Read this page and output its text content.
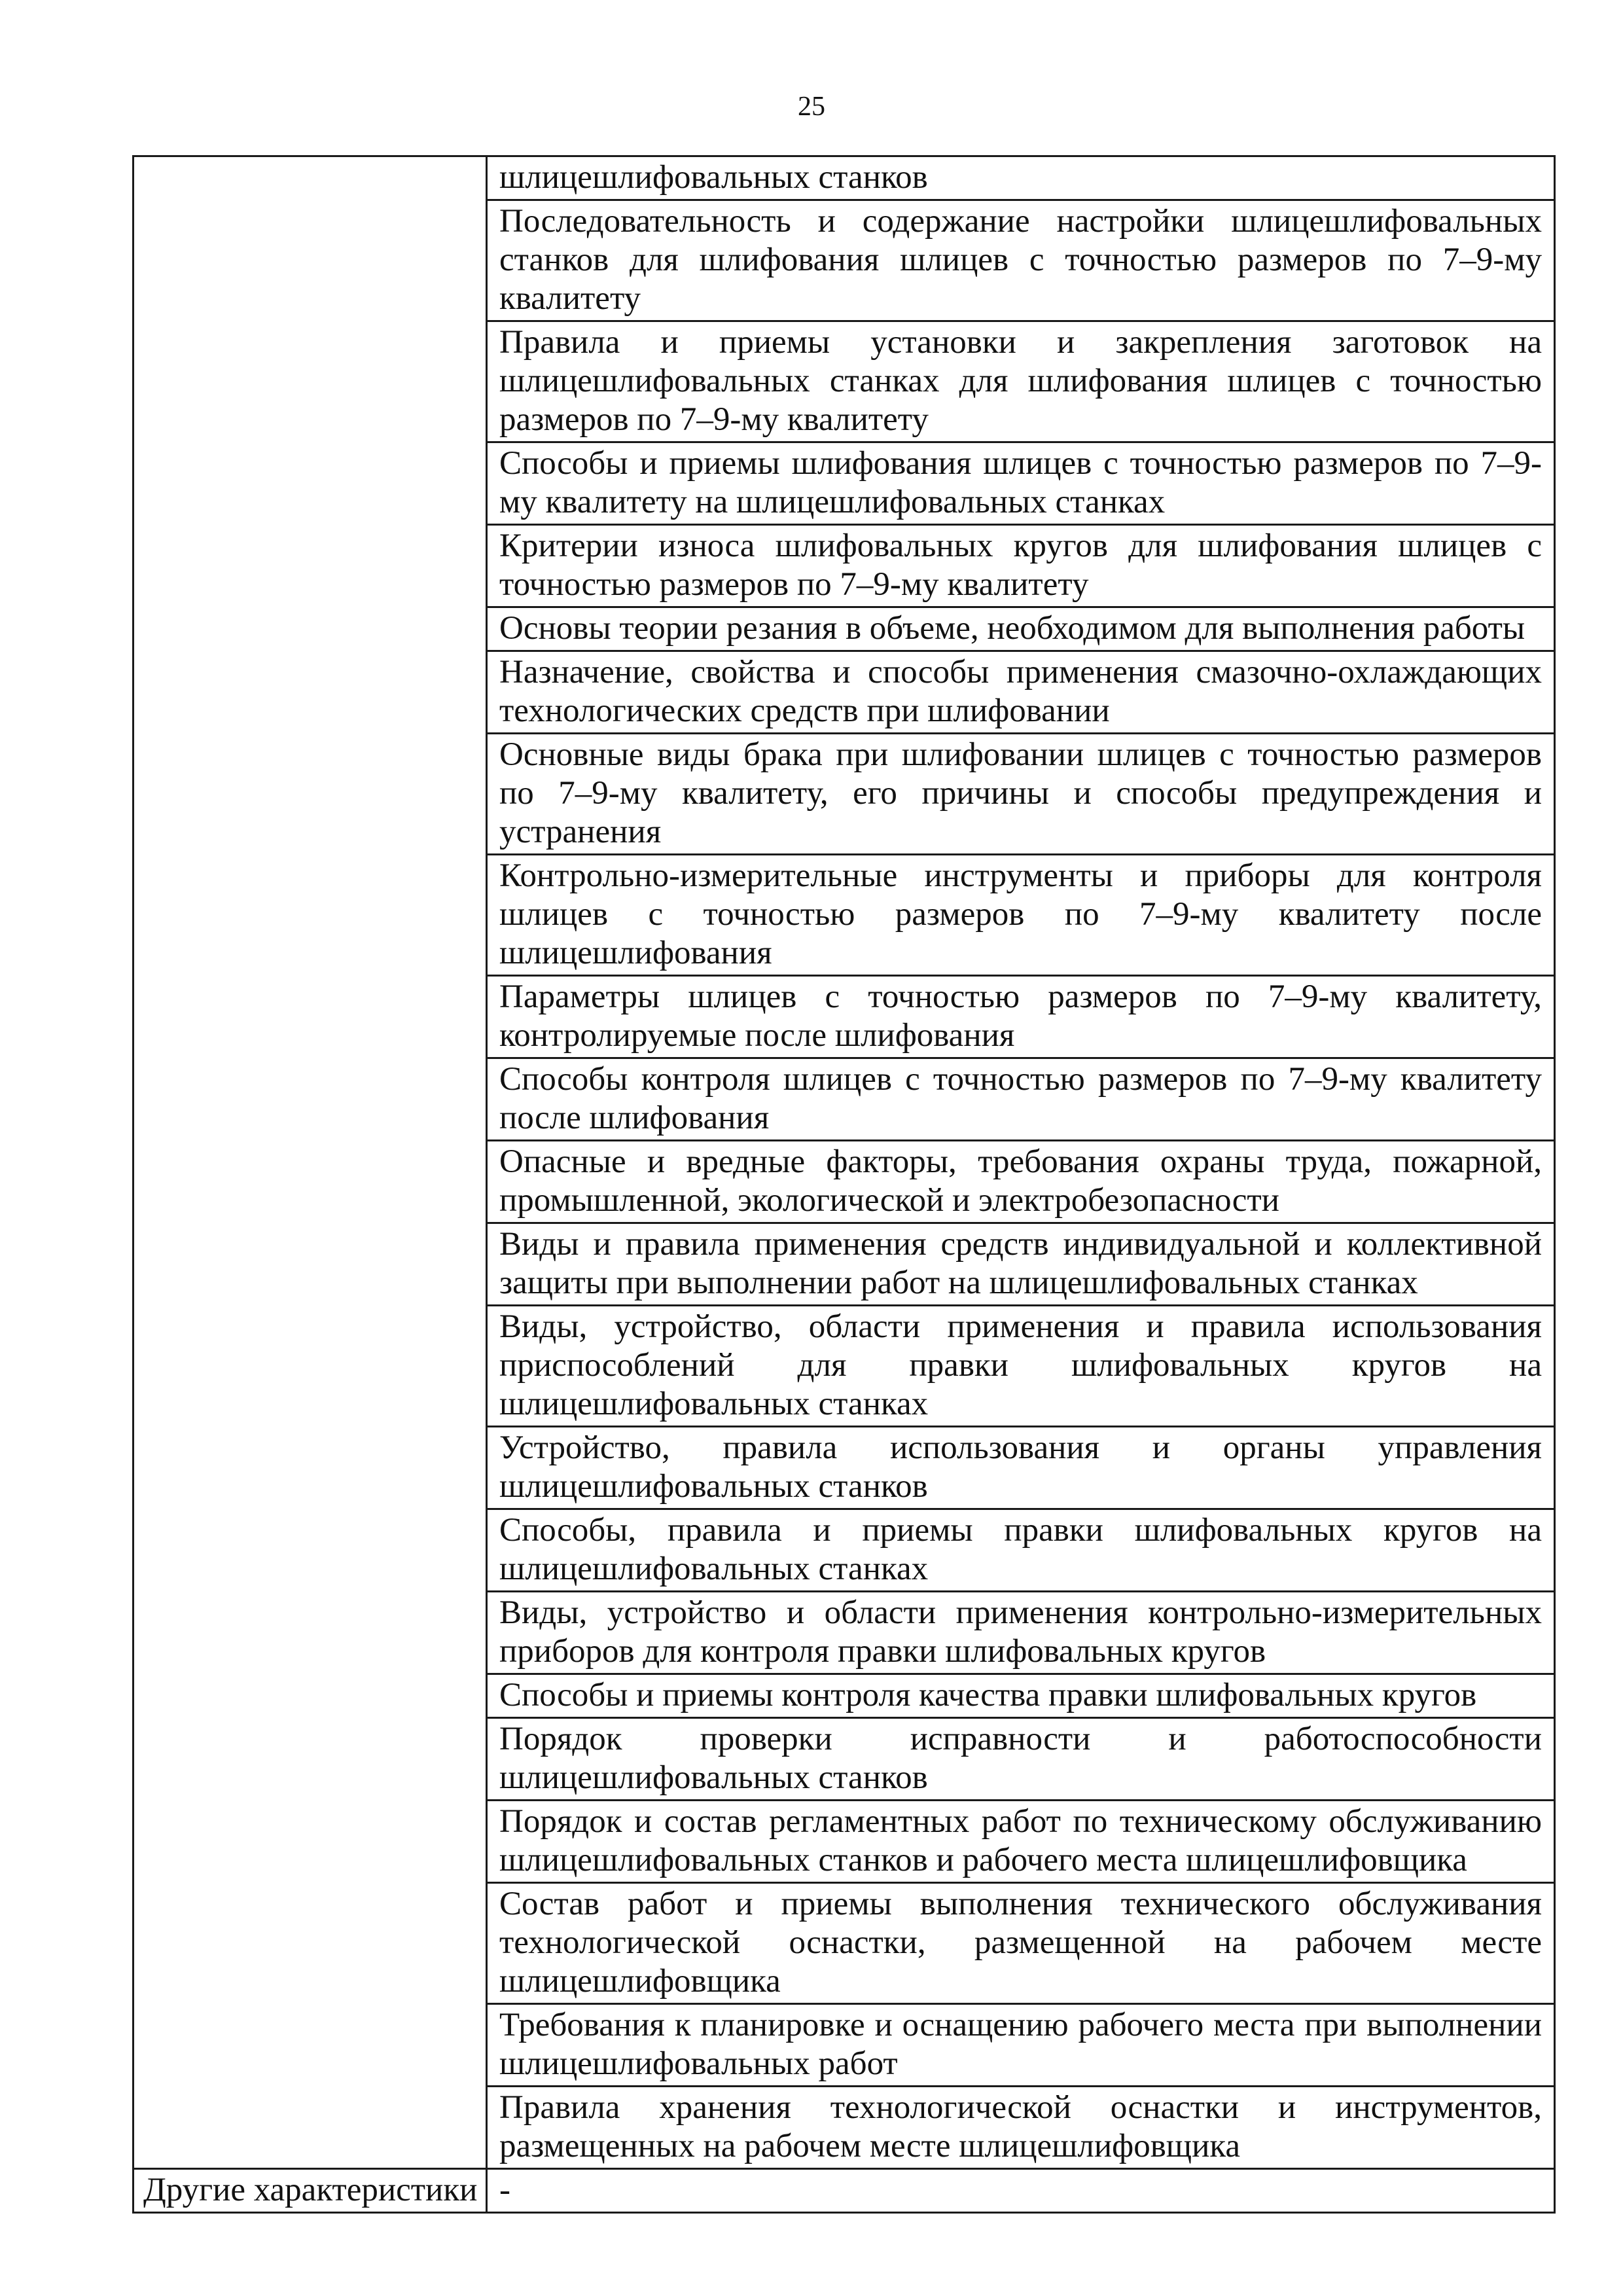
25
	шлицешлифовальных станков
	Последовательность и содержание настройки шлицешлифовальных станков для шлифования шлицев с точностью размеров по 7–9-му квалитету
	Правила и приемы установки и закрепления заготовок на шлицешлифовальных станках для шлифования шлицев с точностью размеров по 7–9-му квалитету
	Способы и приемы шлифования шлицев с точностью размеров по 7–9-му квалитету на шлицешлифовальных станках
	Критерии износа шлифовальных кругов для шлифования шлицев с точностью размеров по 7–9-му квалитету
	Основы теории резания в объеме, необходимом для выполнения работы
	Назначение, свойства и способы применения смазочно-охлаждающих технологических средств при шлифовании
	Основные виды брака при шлифовании шлицев с точностью размеров по 7–9-му квалитету, его причины и способы предупреждения и устранения
	Контрольно-измерительные инструменты и приборы для контроля шлицев с точностью размеров по 7–9-му квалитету после шлицешлифования
	Параметры шлицев с точностью размеров по 7–9-му квалитету, контролируемые после шлифования
	Способы контроля шлицев с точностью размеров по 7–9-му квалитету после шлифования
	Опасные и вредные факторы, требования охраны труда, пожарной, промышленной, экологической и электробезопасности
	Виды и правила применения средств индивидуальной и коллективной защиты при выполнении работ на шлицешлифовальных станках
	Виды, устройство, области применения и правила использования приспособлений для правки шлифовальных кругов на шлицешлифовальных станках
	Устройство, правила использования и органы управления шлицешлифовальных станков
	Способы, правила и приемы правки шлифовальных кругов на шлицешлифовальных станках
	Виды, устройство и области применения контрольно-измерительных приборов для контроля правки шлифовальных кругов
	Способы и приемы контроля качества правки шлифовальных кругов
	Порядок проверки исправности и работоспособности шлицешлифовальных станков
	Порядок и состав регламентных работ по техническому обслуживанию шлицешлифовальных станков и рабочего места шлицешлифовщика
	Состав работ и приемы выполнения технического обслуживания технологической оснастки, размещенной на рабочем месте шлицешлифовщика
	Требования к планировке и оснащению рабочего места при выполнении шлицешлифовальных работ
	Правила хранения технологической оснастки и инструментов, размещенных на рабочем месте шлицешлифовщика
Другие характеристики	-
